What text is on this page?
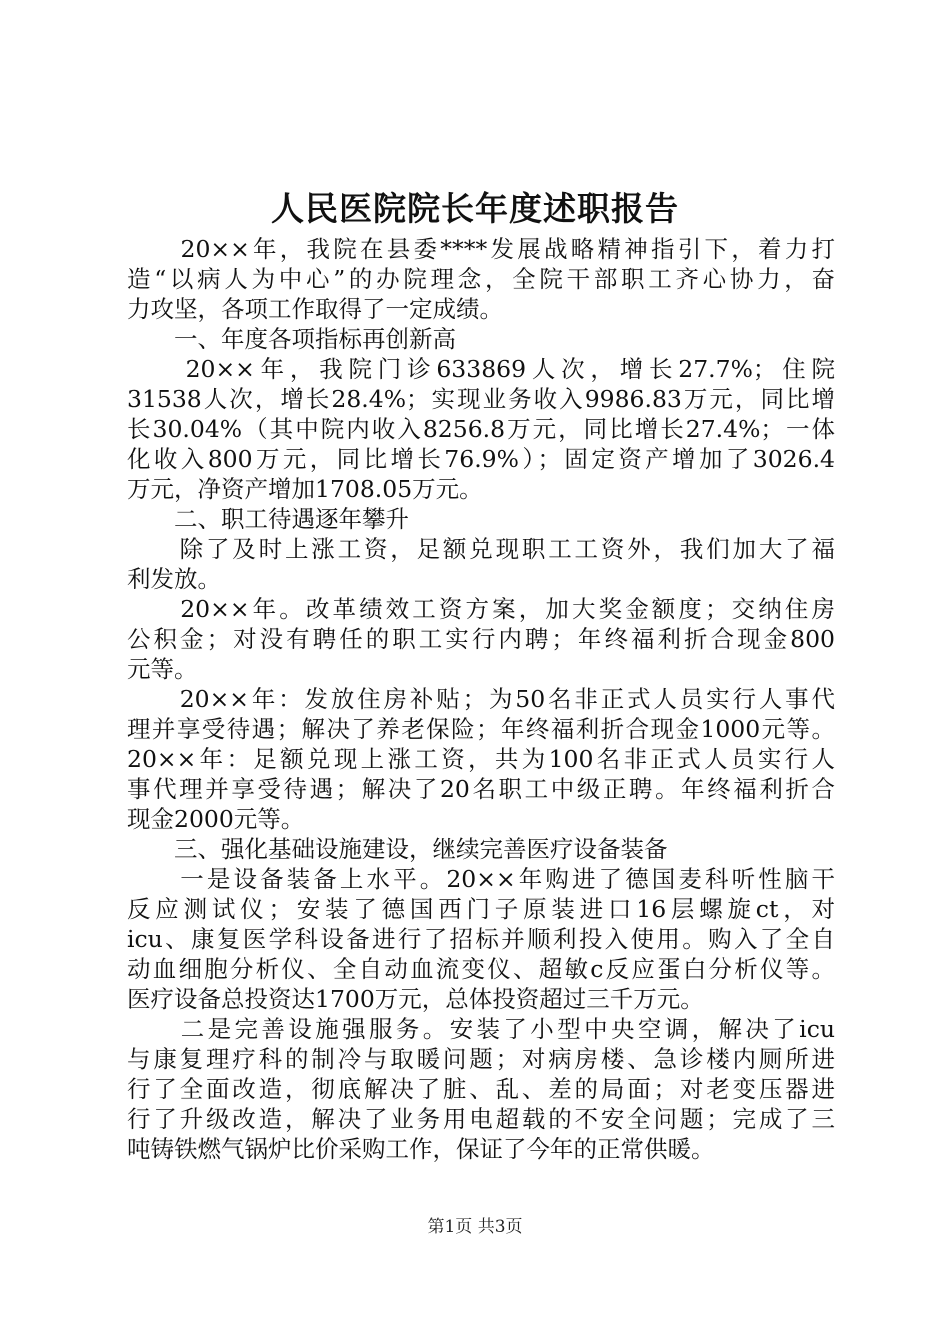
人民医院院长年度述职报告
　　20××年，我院在县委****发展战略精神指引下，着力打
造“以病人为中心”的办院理念，全院干部职工齐心协力，奋
力攻坚，各项工作取得了一定成绩。
　　一、年度各项指标再创新高
　　20××年，我院门诊633869人次，增长27.7%；住院
31538人次，增长28.4%；实现业务收入9986.83万元，同比增
长30.04%（其中院内收入8256.8万元，同比增长27.4%；一体
化收入800万元，同比增长76.9%）；固定资产增加了3026.4
万元，净资产增加1708.05万元。
　　二、职工待遇逐年攀升
　　除了及时上涨工资，足额兑现职工工资外，我们加大了福
利发放。
　　20××年。改革绩效工资方案，加大奖金额度；交纳住房
公积金；对没有聘任的职工实行内聘；年终福利折合现金800
元等。
　　20××年：发放住房补贴；为50名非正式人员实行人事代
理并享受待遇；解决了养老保险；年终福利折合现金1000元等。
20××年：足额兑现上涨工资，共为100名非正式人员实行人
事代理并享受待遇；解决了20名职工中级正聘。年终福利折合
现金2000元等。
　　三、强化基础设施建设，继续完善医疗设备装备
　　一是设备装备上水平。20××年购进了德国麦科听性脑干
反应测试仪；安装了德国西门子原装进口16层螺旋ct，对
icu、康复医学科设备进行了招标并顺利投入使用。购入了全自
动血细胞分析仪、全自动血流变仪、超敏c反应蛋白分析仪等。
医疗设备总投资达1700万元，总体投资超过三千万元。
　　二是完善设施强服务。安装了小型中央空调，解决了icu
与康复理疗科的制冷与取暖问题；对病房楼、急诊楼内厕所进
行了全面改造，彻底解决了脏、乱、差的局面；对老变压器进
行了升级改造，解决了业务用电超载的不安全问题；完成了三
吨铸铁燃气锅炉比价采购工作，保证了今年的正常供暖。
第1页 共3页
